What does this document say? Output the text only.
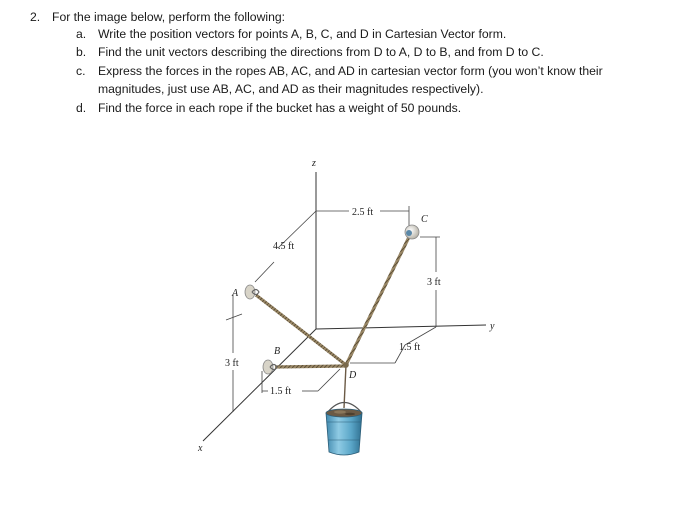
2. For the image below, perform the following:
a. Write the position vectors for points A, B, C, and D in Cartesian Vector form.
b. Find the unit vectors describing the directions from D to A, D to B, and from D to C.
c. Express the forces in the ropes AB, AC, and AD in cartesian vector form (you won’t know their
magnitudes, just use AB, AC, and AD as their magnitudes respectively).
d. Find the force in each rope if the bucket has a weight of 50 pounds.
z
y
x
2.5 ft
4.5 ft
3 ft
1.5 ft
3 ft
1.5 ft
A
B
C
D
